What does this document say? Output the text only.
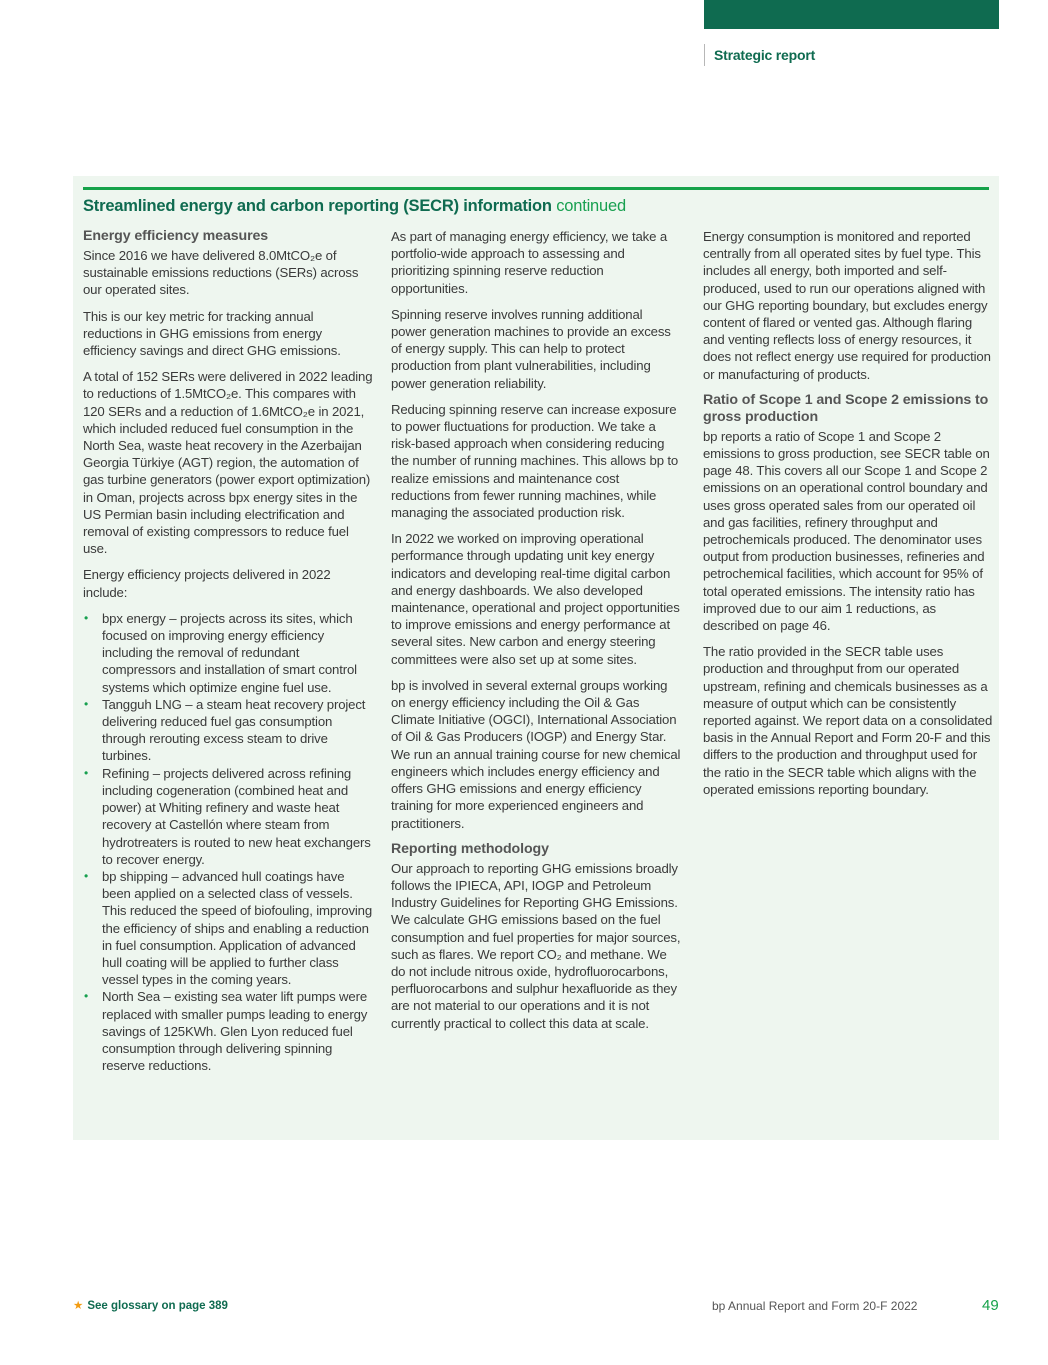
Strategic report
Streamlined energy and carbon reporting (SECR) information continued
Energy efficiency measures

Since 2016 we have delivered 8.0MtCO₂e of sustainable emissions reductions (SERs) across our operated sites.

This is our key metric for tracking annual reductions in GHG emissions from energy efficiency savings and direct GHG emissions.

A total of 152 SERs were delivered in 2022 leading to reductions of 1.5MtCO₂e. This compares with 120 SERs and a reduction of 1.6MtCO₂e in 2021, which included reduced fuel consumption in the North Sea, waste heat recovery in the Azerbaijan Georgia Türkiye (AGT) region, the automation of gas turbine generators (power export optimization) in Oman, projects across bpx energy sites in the US Permian basin including electrification and removal of existing compressors to reduce fuel use.

Energy efficiency projects delivered in 2022 include:

• bpx energy – projects across its sites, which focused on improving energy efficiency including the removal of redundant compressors and installation of smart control systems which optimize engine fuel use.
• Tangguh LNG – a steam heat recovery project delivering reduced fuel gas consumption through rerouting excess steam to drive turbines.
• Refining – projects delivered across refining including cogeneration (combined heat and power) at Whiting refinery and waste heat recovery at Castellón where steam from hydrotreaters is routed to new heat exchangers to recover energy.
• bp shipping – advanced hull coatings have been applied on a selected class of vessels. This reduced the speed of biofouling, improving the efficiency of ships and enabling a reduction in fuel consumption. Application of advanced hull coating will be applied to further class vessel types in the coming years.
• North Sea – existing sea water lift pumps were replaced with smaller pumps leading to energy savings of 125KWh. Glen Lyon reduced fuel consumption through delivering spinning reserve reductions.

As part of managing energy efficiency, we take a portfolio-wide approach to assessing and prioritizing spinning reserve reduction opportunities.

Spinning reserve involves running additional power generation machines to provide an excess of energy supply. This can help to protect production from plant vulnerabilities, including power generation reliability.

Reducing spinning reserve can increase exposure to power fluctuations for production. We take a risk-based approach when considering reducing the number of running machines. This allows bp to realize emissions and maintenance cost reductions from fewer running machines, while managing the associated production risk.

In 2022 we worked on improving operational performance through updating unit key energy indicators and developing real-time digital carbon and energy dashboards. We also developed maintenance, operational and project opportunities to improve emissions and energy performance at several sites. New carbon and energy steering committees were also set up at some sites.

bp is involved in several external groups working on energy efficiency including the Oil & Gas Climate Initiative (OGCI), International Association of Oil & Gas Producers (IOGP) and Energy Star. We run an annual training course for new chemical engineers which includes energy efficiency and offers GHG emissions and energy efficiency training for more experienced engineers and practitioners.

Reporting methodology

Our approach to reporting GHG emissions broadly follows the IPIECA, API, IOGP and Petroleum Industry Guidelines for Reporting GHG Emissions. We calculate GHG emissions based on the fuel consumption and fuel properties for major sources, such as flares. We report CO₂ and methane. We do not include nitrous oxide, hydrofluorocarbons, perfluorocarbons and sulphur hexafluoride as they are not material to our operations and it is not currently practical to collect this data at scale.

Energy consumption is monitored and reported centrally from all operated sites by fuel type. This includes all energy, both imported and self-produced, used to run our operations aligned with our GHG reporting boundary, but excludes energy content of flared or vented gas. Although flaring and venting reflects loss of energy resources, it does not reflect energy use required for production or manufacturing of products.

Ratio of Scope 1 and Scope 2 emissions to gross production

bp reports a ratio of Scope 1 and Scope 2 emissions to gross production, see SECR table on page 48. This covers all our Scope 1 and Scope 2 emissions on an operational control boundary and uses gross operated sales from our operated oil and gas facilities, refinery throughput and petrochemicals produced. The denominator uses output from production businesses, refineries and petrochemical facilities, which account for 95% of total operated emissions. The intensity ratio has improved due to our aim 1 reductions, as described on page 46.

The ratio provided in the SECR table uses production and throughput from our operated upstream, refining and chemicals businesses as a measure of output which can be consistently reported against. We report data on a consolidated basis in the Annual Report and Form 20-F and this differs to the production and throughput used for the ratio in the SECR table which aligns with the operated emissions reporting boundary.

★ See glossary on page 389	bp Annual Report and Form 20-F 2022	49
